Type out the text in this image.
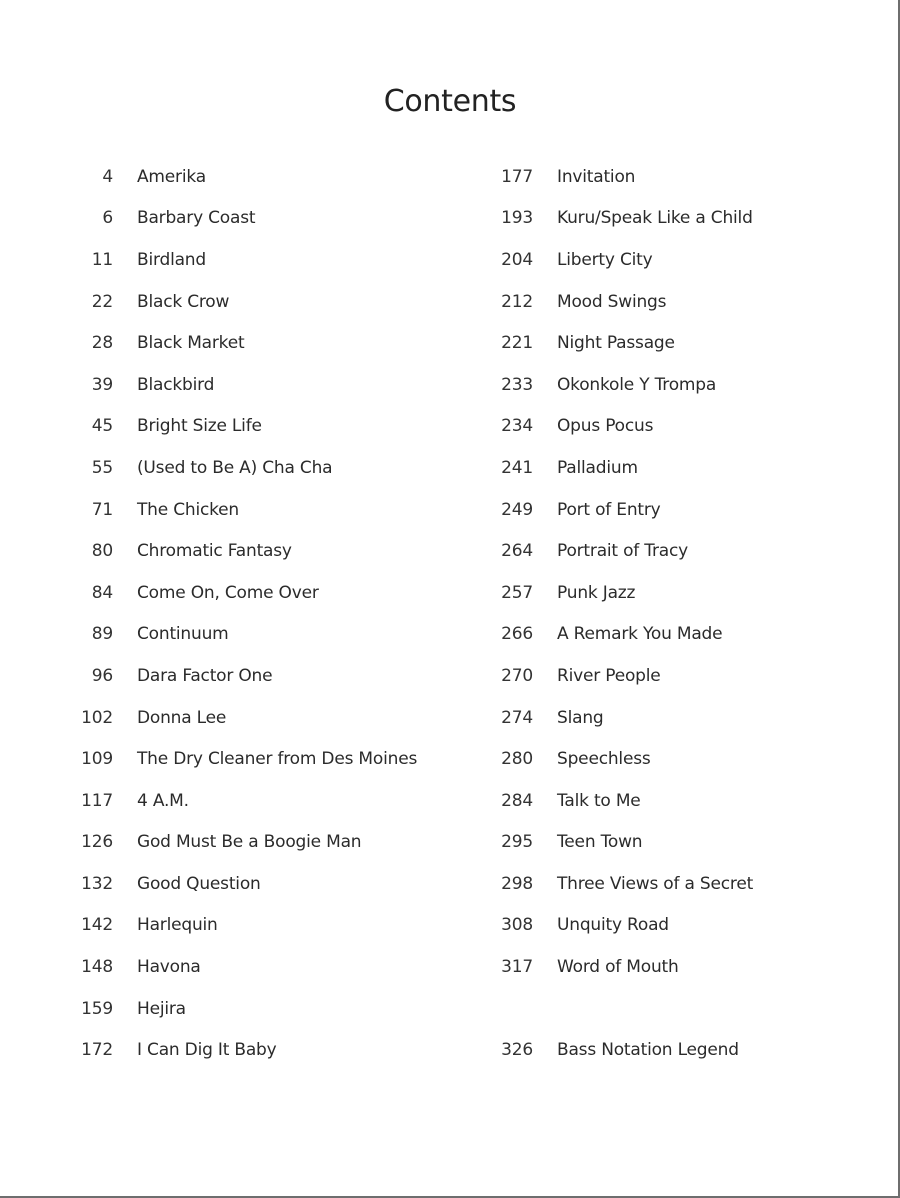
Contents
4 Amerika
6 Barbary Coast
11 Birdland
22 Black Crow
28 Black Market
39 Blackbird
45 Bright Size Life
55 (Used to Be A) Cha Cha
71 The Chicken
80 Chromatic Fantasy
84 Come On, Come Over
89 Continuum
96 Dara Factor One
102 Donna Lee
109 The Dry Cleaner from Des Moines
117 4 A.M.
126 God Must Be a Boogie Man
132 Good Question
142 Harlequin
148 Havona
159 Hejira
172 I Can Dig It Baby
177 Invitation
193 Kuru/Speak Like a Child
204 Liberty City
212 Mood Swings
221 Night Passage
233 Okonkole Y Trompa
234 Opus Pocus
241 Palladium
249 Port of Entry
264 Portrait of Tracy
257 Punk Jazz
266 A Remark You Made
270 River People
274 Slang
280 Speechless
284 Talk to Me
295 Teen Town
298 Three Views of a Secret
308 Unquity Road
317 Word of Mouth
326 Bass Notation Legend
